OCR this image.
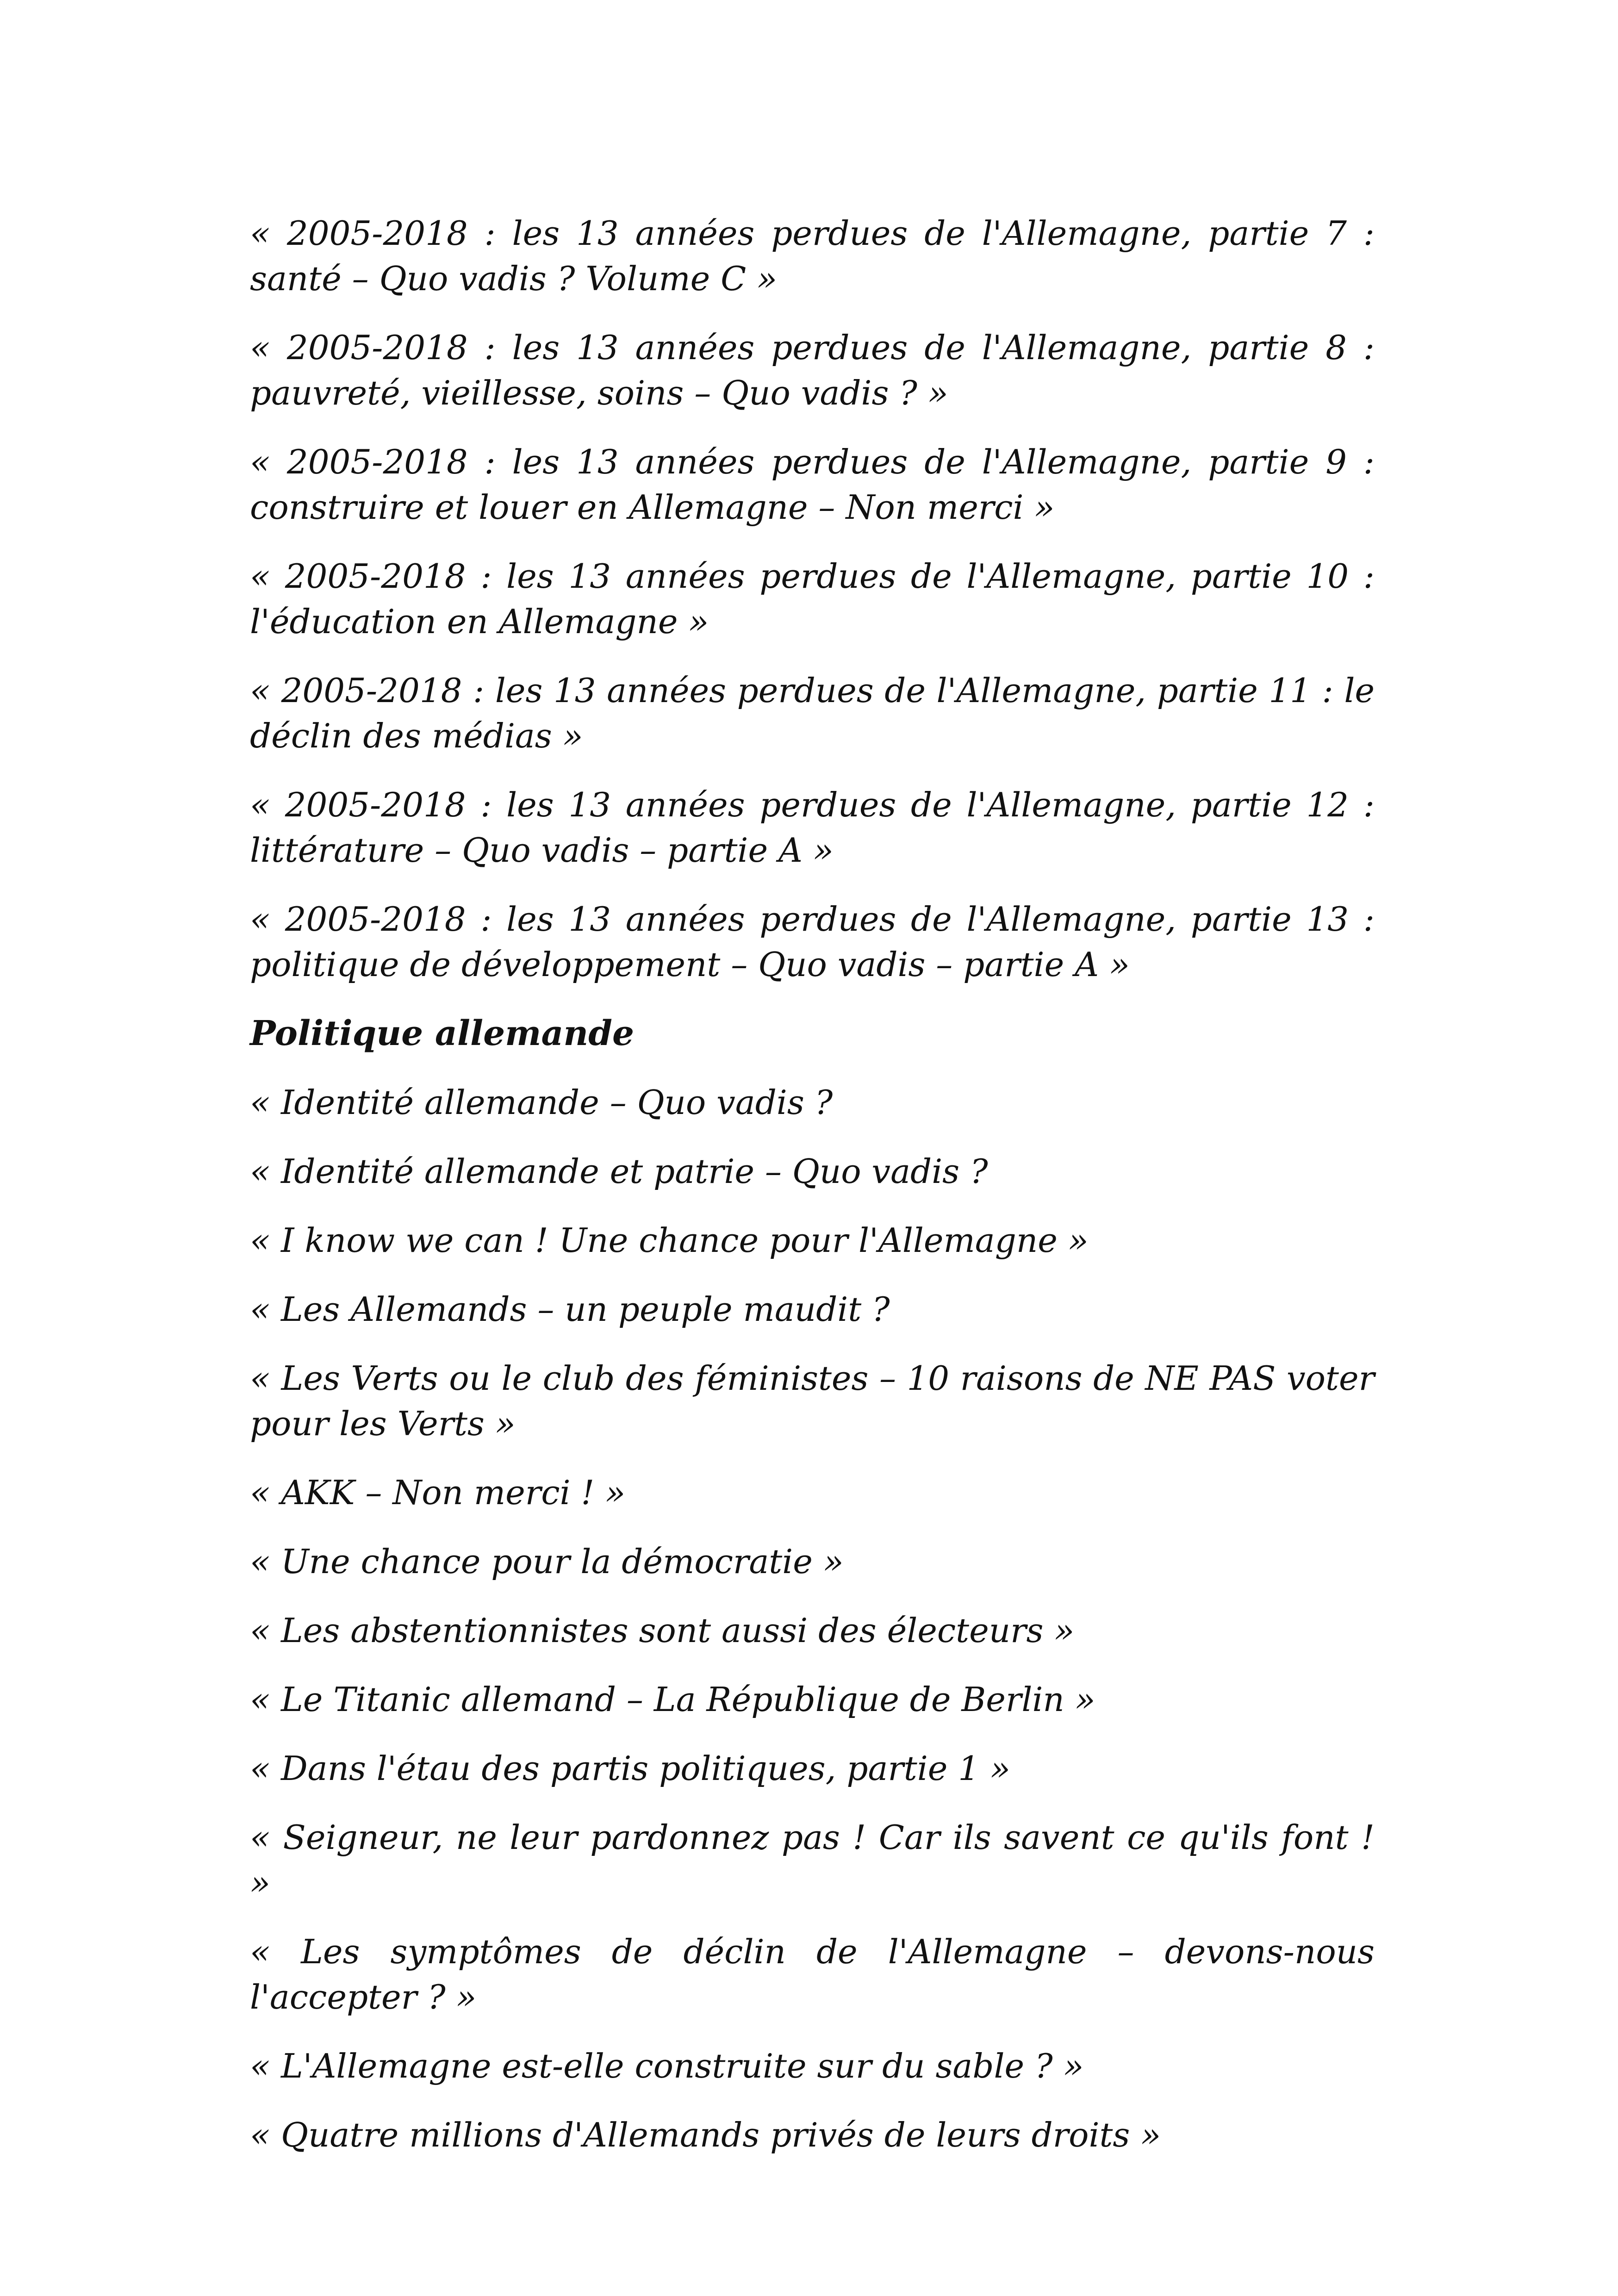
« 2005-2018 : les 13 années perdues de l'Allemagne, partie 7 : santé – Quo vadis ? Volume C »

« 2005-2018 : les 13 années perdues de l'Allemagne, partie 8 : pauvreté, vieillesse, soins – Quo vadis ? »

« 2005-2018 : les 13 années perdues de l'Allemagne, partie 9 : construire et louer en Allemagne – Non merci »

« 2005-2018 : les 13 années perdues de l'Allemagne, partie 10 : l'éducation en Allemagne »

« 2005-2018 : les 13 années perdues de l'Allemagne, partie 11 : le déclin des médias »

« 2005-2018 : les 13 années perdues de l'Allemagne, partie 12 : littérature – Quo vadis – partie A »

« 2005-2018 : les 13 années perdues de l'Allemagne, partie 13 : politique de développement – Quo vadis – partie A »

Politique allemande

« Identité allemande – Quo vadis ?

« Identité allemande et patrie – Quo vadis ?

« I know we can ! Une chance pour l'Allemagne »

« Les Allemands – un peuple maudit ?

« Les Verts ou le club des féministes – 10 raisons de NE PAS voter pour les Verts »

« AKK – Non merci ! »

« Une chance pour la démocratie »

« Les abstentionnistes sont aussi des électeurs »

« Le Titanic allemand – La République de Berlin »

« Dans l'étau des partis politiques, partie 1 »

« Seigneur, ne leur pardonnez pas ! Car ils savent ce qu'ils font ! »

« Les symptômes de déclin de l'Allemagne – devons-nous l'accepter ? »

« L'Allemagne est-elle construite sur du sable ? »

« Quatre millions d'Allemands privés de leurs droits »
